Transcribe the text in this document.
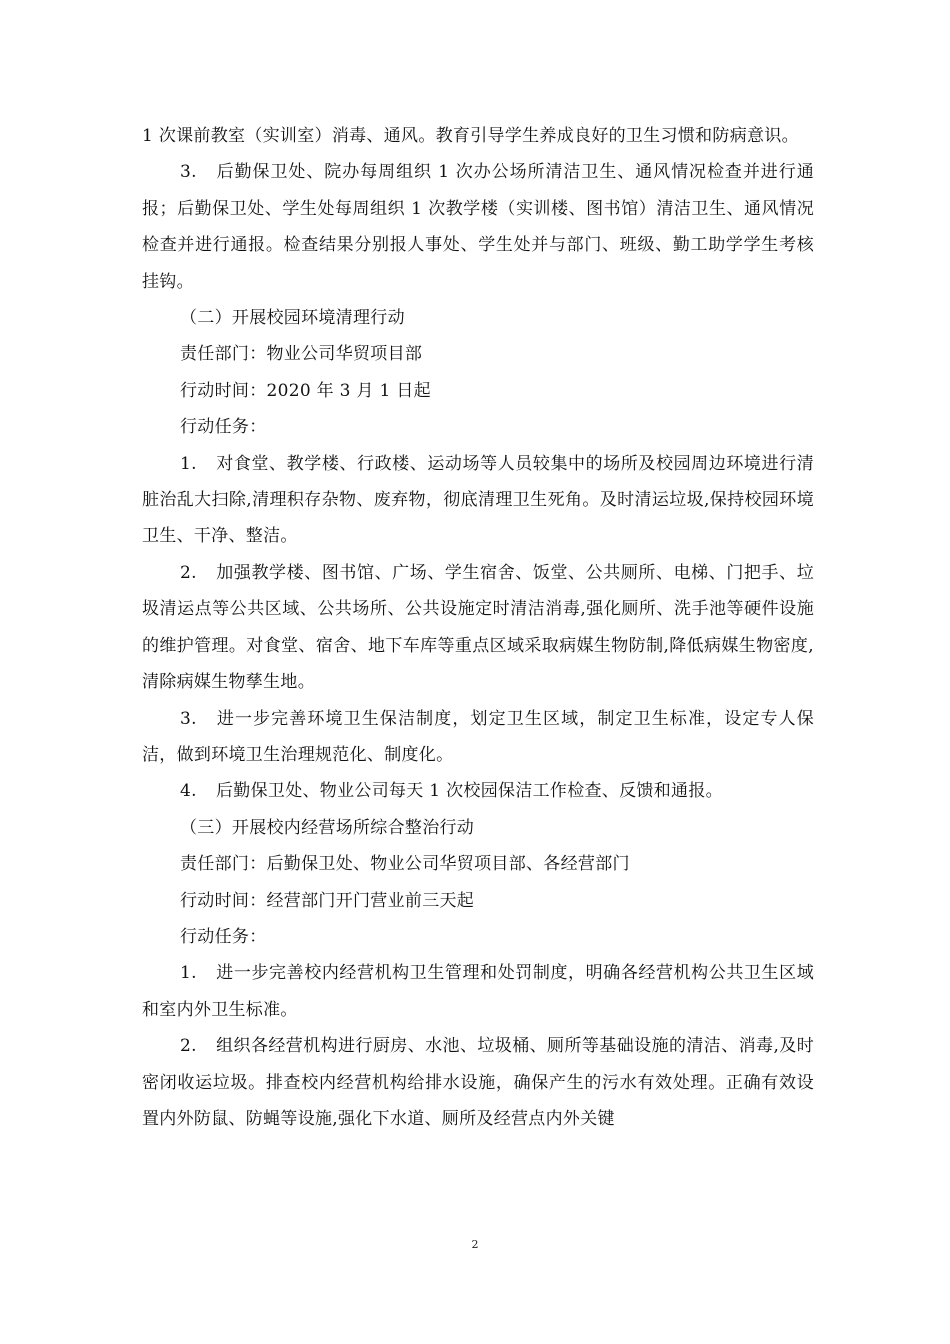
1 次课前教室（实训室）消毒、通风。教育引导学生养成良好的卫生习惯和防病意识。

3. 后勤保卫处、院办每周组织 1 次办公场所清洁卫生、通风情况检查并进行通报；后勤保卫处、学生处每周组织 1 次教学楼（实训楼、图书馆）清洁卫生、通风情况检查并进行通报。检查结果分别报人事处、学生处并与部门、班级、勤工助学学生考核挂钩。

（二）开展校园环境清理行动

责任部门：物业公司华贸项目部

行动时间：2020 年 3 月 1 日起

行动任务：

1. 对食堂、教学楼、行政楼、运动场等人员较集中的场所及校园周边环境进行清脏治乱大扫除,清理积存杂物、废弃物，彻底清理卫生死角。及时清运垃圾,保持校园环境卫生、干净、整洁。

2. 加强教学楼、图书馆、广场、学生宿舍、饭堂、公共厕所、电梯、门把手、垃圾清运点等公共区域、公共场所、公共设施定时清洁消毒,强化厕所、洗手池等硬件设施的维护管理。对食堂、宿舍、地下车库等重点区域采取病媒生物防制,降低病媒生物密度,清除病媒生物孳生地。

3. 进一步完善环境卫生保洁制度，划定卫生区域，制定卫生标准，设定专人保洁，做到环境卫生治理规范化、制度化。

4. 后勤保卫处、物业公司每天 1 次校园保洁工作检查、反馈和通报。

（三）开展校内经营场所综合整治行动

责任部门：后勤保卫处、物业公司华贸项目部、各经营部门

行动时间：经营部门开门营业前三天起

行动任务：

1. 进一步完善校内经营机构卫生管理和处罚制度，明确各经营机构公共卫生区域和室内外卫生标准。

2. 组织各经营机构进行厨房、水池、垃圾桶、厕所等基础设施的清洁、消毒,及时密闭收运垃圾。排查校内经营机构给排水设施，确保产生的污水有效处理。正确有效设置内外防鼠、防蝇等设施,强化下水道、厕所及经营点内外关键

2
